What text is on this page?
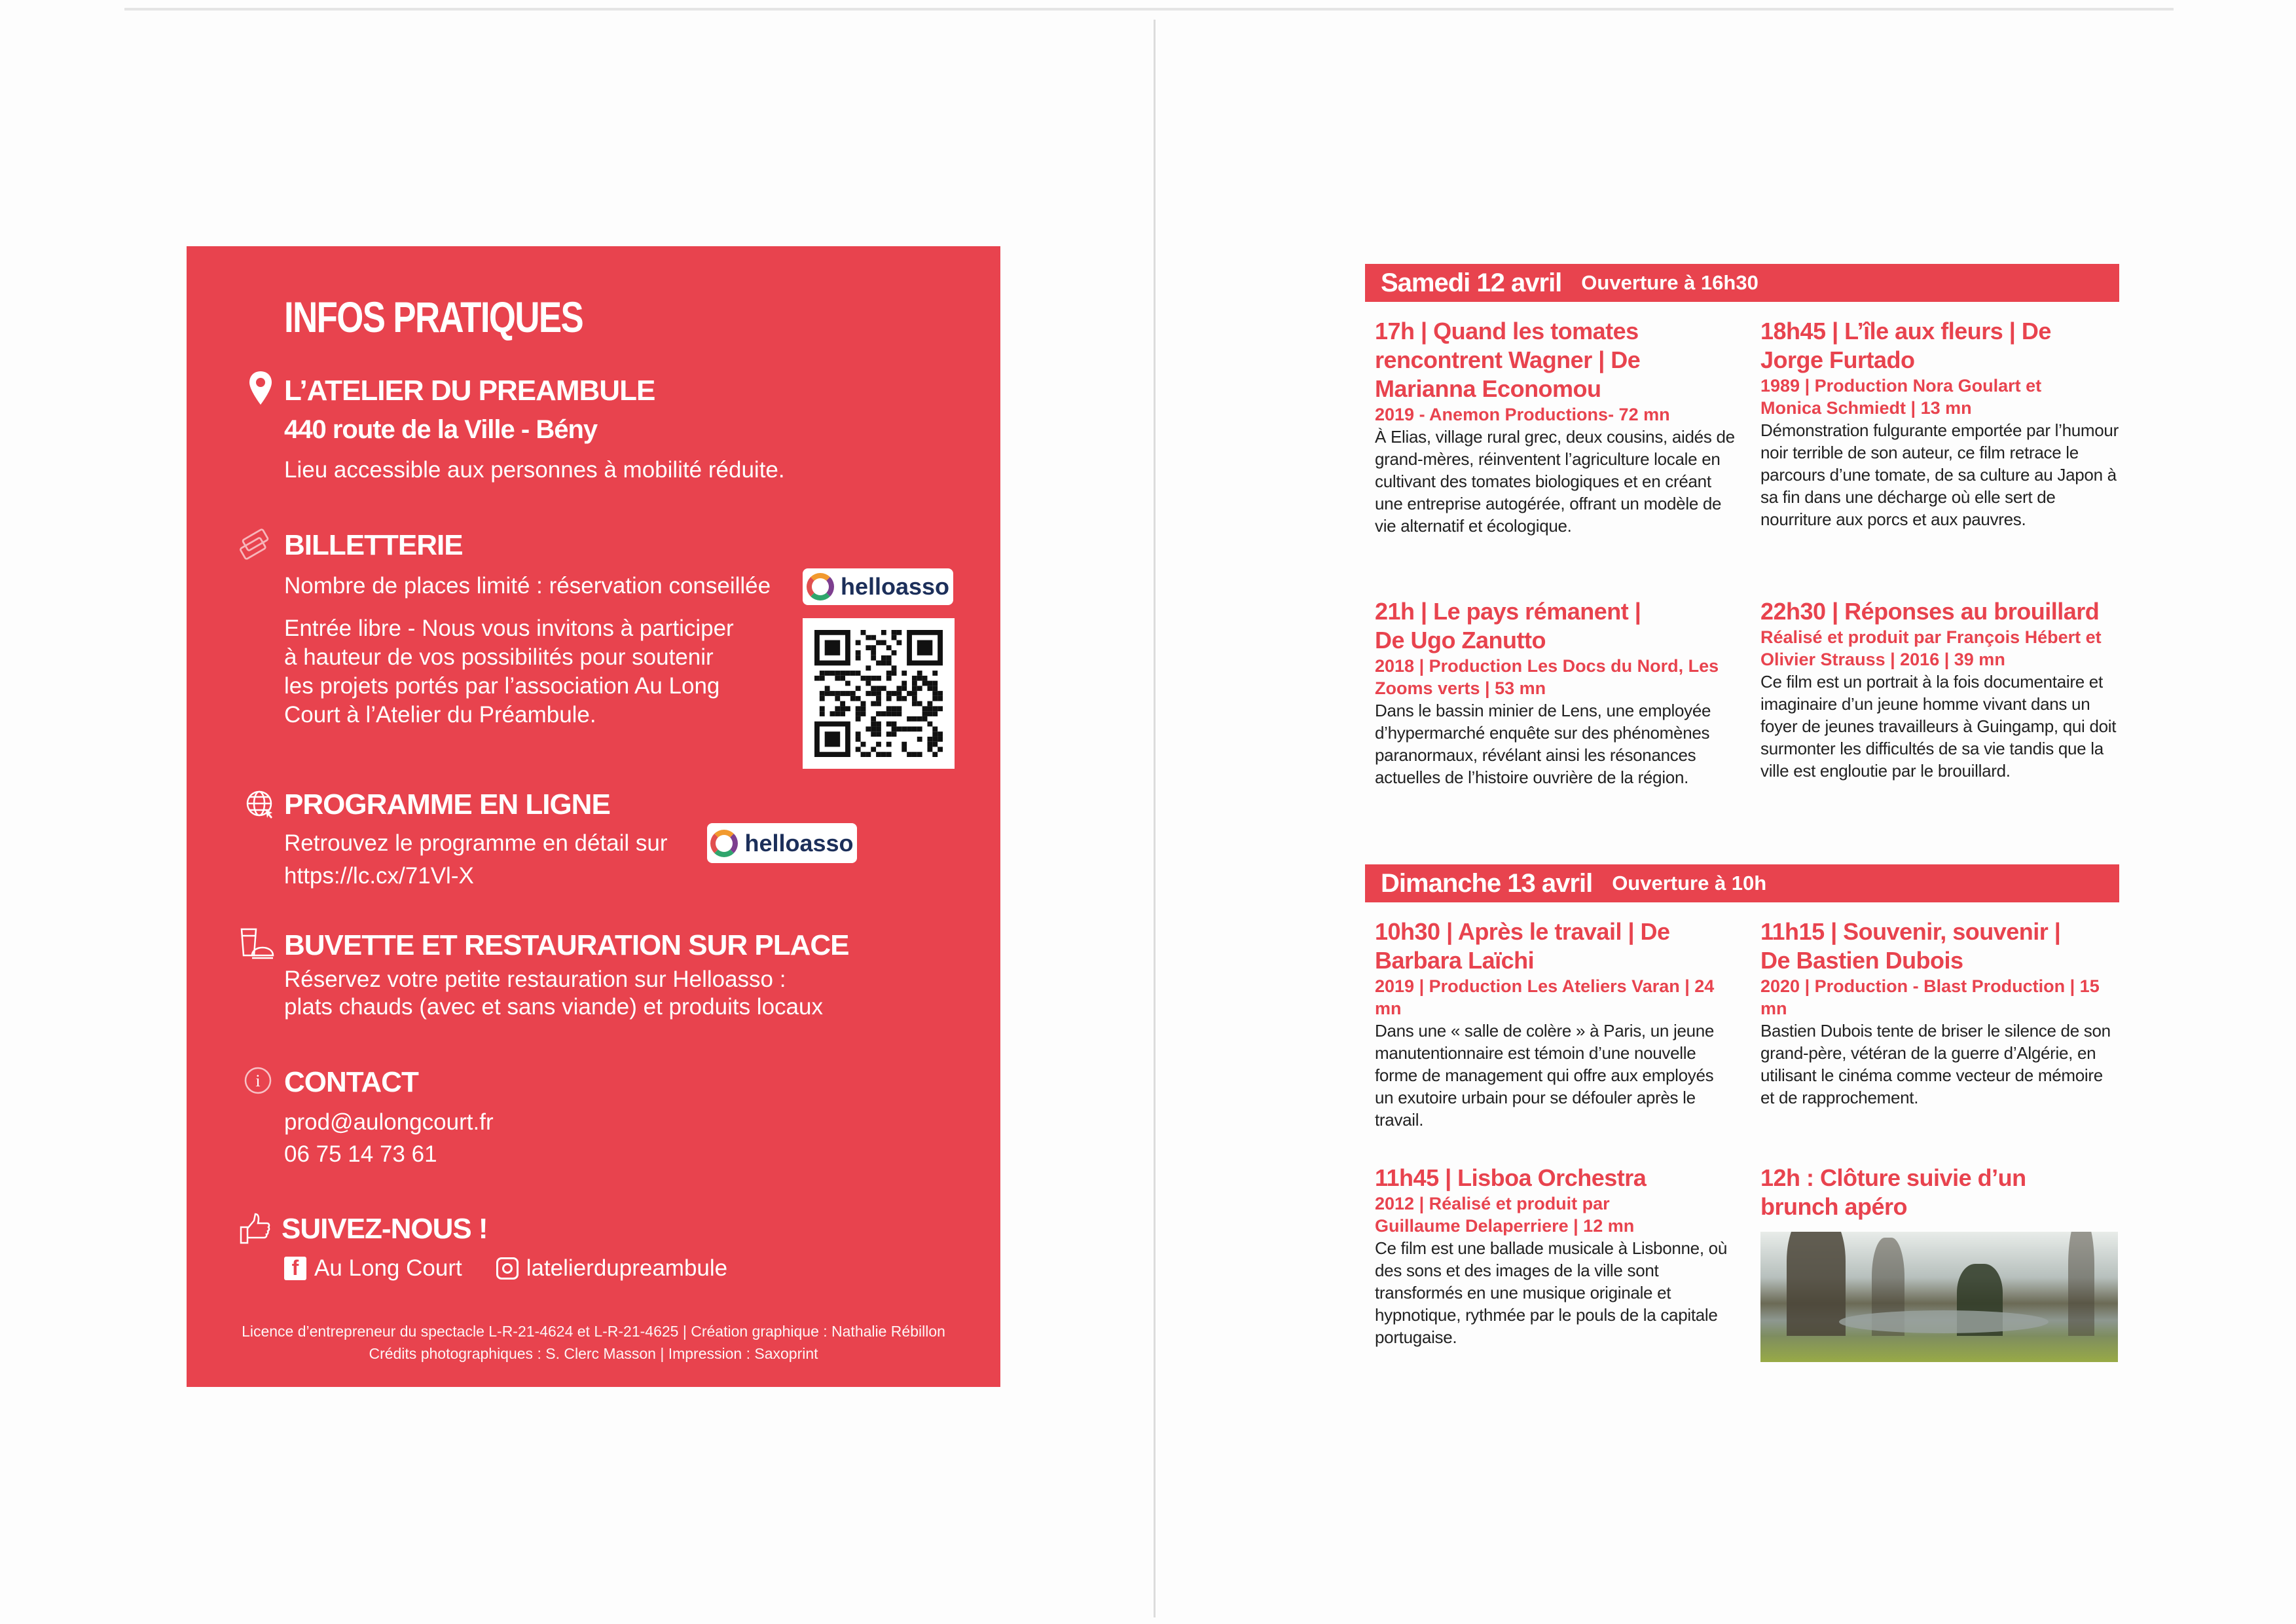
INFOS PRATIQUES
L’ATELIER DU PREAMBULE
440 route de la Ville - Bény
Lieu accessible aux personnes à mobilité réduite.
BILLETTERIE
Nombre de places limité : réservation conseillée	helloasso
Entrée libre - Nous vous invitons à participer
à hauteur de vos possibilités pour soutenir
les projets portés par l’association Au Long
Court à l’Atelier du Préambule.
PROGRAMME EN LIGNE
Retrouvez le programme en détail sur	helloasso
https://lc.cx/71Vl-X
BUVETTE ET RESTAURATION SUR PLACE
Réservez votre petite restauration sur Helloasso :
plats chauds (avec et sans viande) et produits locaux
i CONTACT
prod@aulongcourt.fr
06 75 14 73 61
SUIVEZ-NOUS !
f Au Long Court	latelierdupreambule
Licence d’entrepreneur du spectacle L-R-21-4624 et L-R-21-4625 | Création graphique : Nathalie Rébillon
Crédits photographiques : S. Clerc Masson | Impression : Saxoprint
Samedi 12 avril Ouverture à 16h30
17h | Quand les tomates rencontrent Wagner | De Marianna Economou
2019 - Anemon Productions- 72 mn
À Elias, village rural grec, deux cousins, aidés de grand-mères, réinventent l’agriculture locale en cultivant des tomates biologiques et en créant une entreprise autogérée, offrant un modèle de vie alternatif et écologique.
18h45 | L’île aux fleurs | De Jorge Furtado
1989 | Production Nora Goulart et Monica Schmiedt | 13 mn
Démonstration fulgurante emportée par l’humour noir terrible de son auteur, ce film retrace le parcours d’une tomate, de sa culture au Japon à sa fin dans une décharge où elle sert de nourriture aux porcs et aux pauvres.
21h | Le pays rémanent | De Ugo Zanutto
2018 | Production Les Docs du Nord, Les Zooms verts | 53 mn
Dans le bassin minier de Lens, une employée d’hypermarché enquête sur des phénomènes paranormaux, révélant ainsi les résonances actuelles de l’histoire ouvrière de la région.
22h30 | Réponses au brouillard
Réalisé et produit par François Hébert et Olivier Strauss | 2016 | 39 mn
Ce film est un portrait à la fois documentaire et imaginaire d’un jeune homme vivant dans un foyer de jeunes travailleurs à Guingamp, qui doit surmonter les difficultés de sa vie tandis que la ville est engloutie par le brouillard.
Dimanche 13 avril Ouverture à 10h
10h30 | Après le travail | De Barbara Laïchi
2019 | Production Les Ateliers Varan | 24 mn
Dans une « salle de colère » à Paris, un jeune manutentionnaire est témoin d’une nouvelle forme de management qui offre aux employés un exutoire urbain pour se défouler après le travail.
11h15 | Souvenir, souvenir | De Bastien Dubois
2020 | Production - Blast Production | 15 mn
Bastien Dubois tente de briser le silence de son grand-père, vétéran de la guerre d’Algérie, en utilisant le cinéma comme vecteur de mémoire et de rapprochement.
11h45 | Lisboa Orchestra
2012 | Réalisé et produit par Guillaume Delaperriere | 12 mn
Ce film est une ballade musicale à Lisbonne, où des sons et des images de la ville sont transformés en une musique originale et hypnotique, rythmée par le pouls de la capitale portugaise.
12h : Clôture suivie d’un brunch apéro
